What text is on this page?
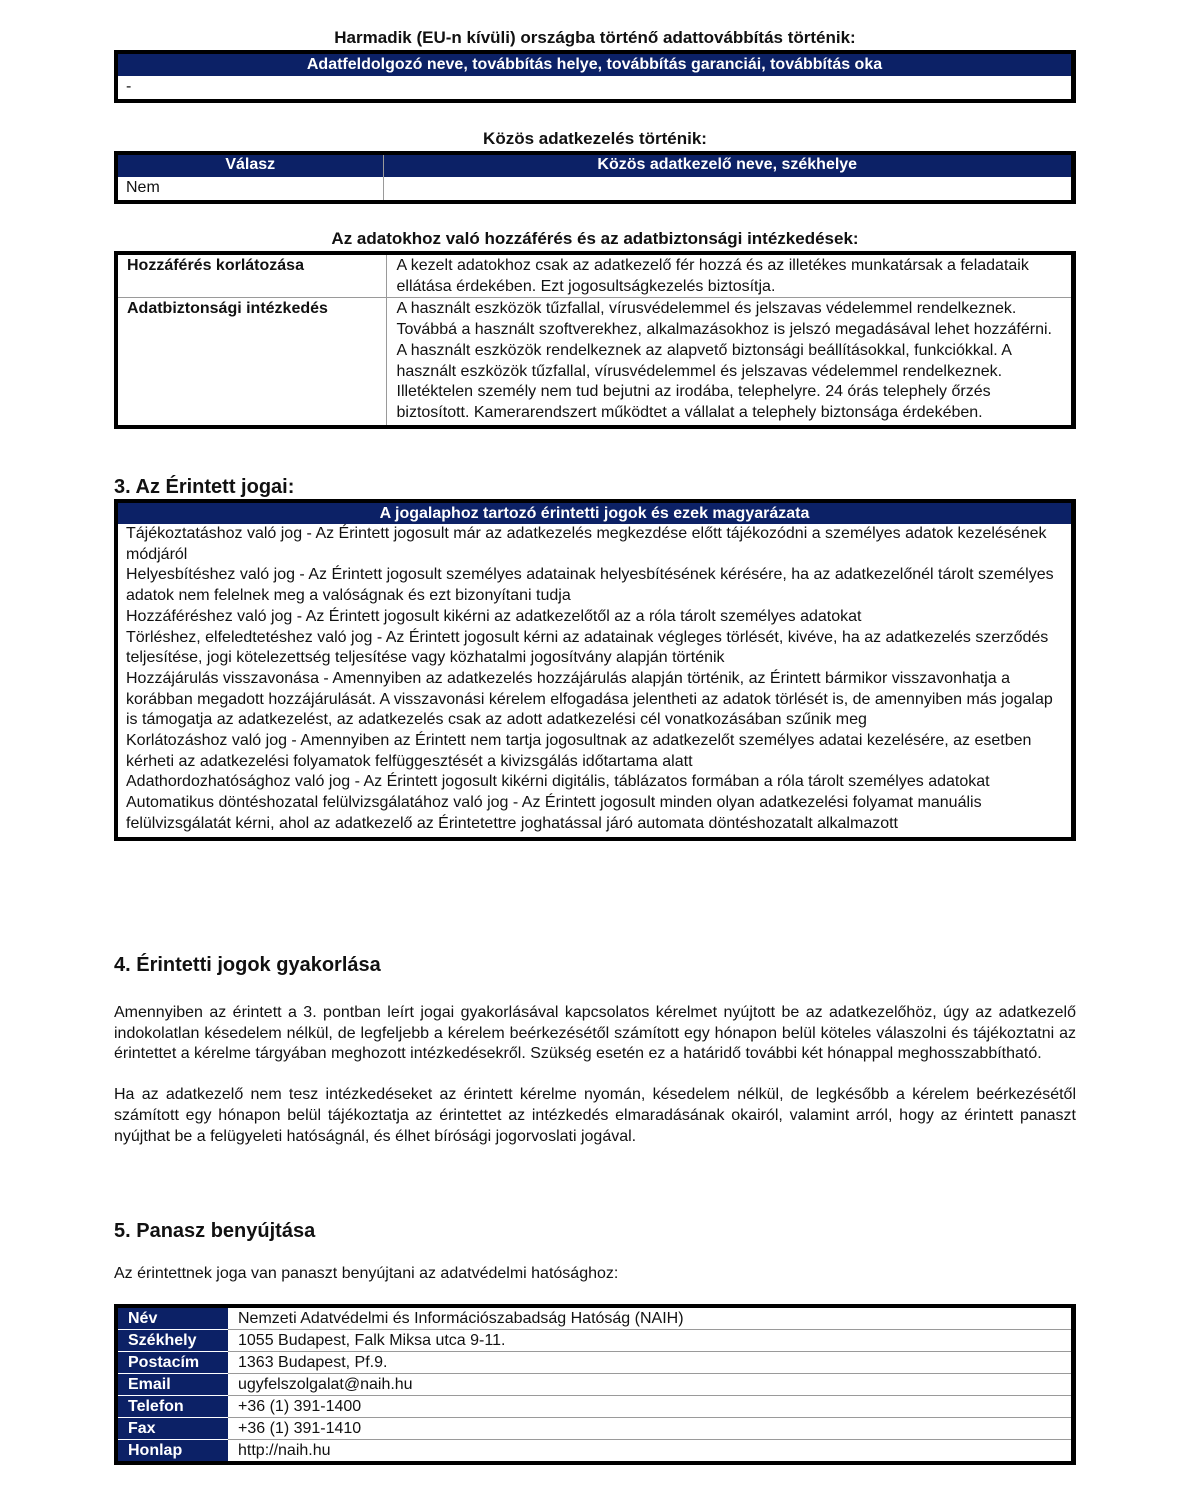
Harmadik (EU-n kívüli) országba történő adattovábbítás történik:
Adatfeldolgozó neve, továbbítás helye, továbbítás garanciái, továbbítás oka
-
Közös adatkezelés történik:
Válasz	Közös adatkezelő neve, székhelye
Nem	
Az adatokhoz való hozzáférés és az adatbiztonsági intézkedések:
Hozzáférés korlátozása	A kezelt adatokhoz csak az adatkezelő fér hozzá és az illetékes munkatársak a feladataik ellátása érdekében. Ezt jogosultságkezelés biztosítja.
Adatbiztonsági intézkedés	A használt eszközök tűzfallal, vírusvédelemmel és jelszavas védelemmel rendelkeznek. Továbbá a használt szoftverekhez, alkalmazásokhoz is jelszó megadásával lehet hozzáférni. A használt eszközök rendelkeznek az alapvető biztonsági beállításokkal, funkciókkal. A használt eszközök tűzfallal, vírusvédelemmel és jelszavas védelemmel rendelkeznek.
Illetéktelen személy nem tud bejutni az irodába, telephelyre. 24 órás telephely őrzés biztosított. Kamerarendszert működtet a vállalat a telephely biztonsága érdekében.
3. Az Érintett jogai:
A jogalaphoz tartozó érintetti jogok és ezek magyarázata
Tájékoztatáshoz való jog - Az Érintett jogosult már az adatkezelés megkezdése előtt tájékozódni a személyes adatok kezelésének módjáról
Helyesbítéshez való jog - Az Érintett jogosult személyes adatainak helyesbítésének kérésére, ha az adatkezelőnél tárolt személyes adatok nem felelnek meg a valóságnak és ezt bizonyítani tudja
Hozzáféréshez való jog - Az Érintett jogosult kikérni az adatkezelőtől az a róla tárolt személyes adatokat
Törléshez, elfeledtetéshez való jog - Az Érintett jogosult kérni az adatainak végleges törlését, kivéve, ha az adatkezelés szerződés teljesítése, jogi kötelezettség teljesítése vagy közhatalmi jogosítvány alapján történik
Hozzájárulás visszavonása - Amennyiben az adatkezelés hozzájárulás alapján történik, az Érintett bármikor visszavonhatja a korábban megadott hozzájárulását. A visszavonási kérelem elfogadása jelentheti az adatok törlését is, de amennyiben más jogalap is támogatja az adatkezelést, az adatkezelés csak az adott adatkezelési cél vonatkozásában szűnik meg
Korlátozáshoz való jog - Amennyiben az Érintett nem tartja jogosultnak az adatkezelőt személyes adatai kezelésére, az esetben kérheti az adatkezelési folyamatok felfüggesztését a kivizsgálás időtartama alatt
Adathordozhatósághoz való jog - Az Érintett jogosult kikérni digitális, táblázatos formában a róla tárolt személyes adatokat
Automatikus döntéshozatal felülvizsgálatához való jog - Az Érintett jogosult minden olyan adatkezelési folyamat manuális felülvizsgálatát kérni, ahol az adatkezelő az Érintetettre joghatással járó automata döntéshozatalt alkalmazott
4. Érintetti jogok gyakorlása

Amennyiben az érintett a 3. pontban leírt jogai gyakorlásával kapcsolatos kérelmet nyújtott be az adatkezelőhöz, úgy az adatkezelő indokolatlan késedelem nélkül, de legfeljebb a kérelem beérkezésétől számított egy hónapon belül köteles válaszolni és tájékoztatni az érintettet a kérelme tárgyában meghozott intézkedésekről. Szükség esetén ez a határidő további két hónappal meghosszabbítható.

Ha az adatkezelő nem tesz intézkedéseket az érintett kérelme nyomán, késedelem nélkül, de legkésőbb a kérelem beérkezésétől számított egy hónapon belül tájékoztatja az érintettet az intézkedés elmaradásának okairól, valamint arról, hogy az érintett panaszt nyújthat be a felügyeleti hatóságnál, és élhet bírósági jogorvoslati jogával.

5. Panasz benyújtása

Az érintettnek joga van panaszt benyújtani az adatvédelmi hatósághoz:

Név	Nemzeti Adatvédelmi és Információszabadság Hatóság (NAIH)
Székhely	1055 Budapest, Falk Miksa utca 9-11.
Postacím	1363 Budapest, Pf.9.
Email	ugyfelszolgalat@naih.hu
Telefon	+36 (1) 391-1400
Fax	+36 (1) 391-1410
Honlap	http://naih.hu
